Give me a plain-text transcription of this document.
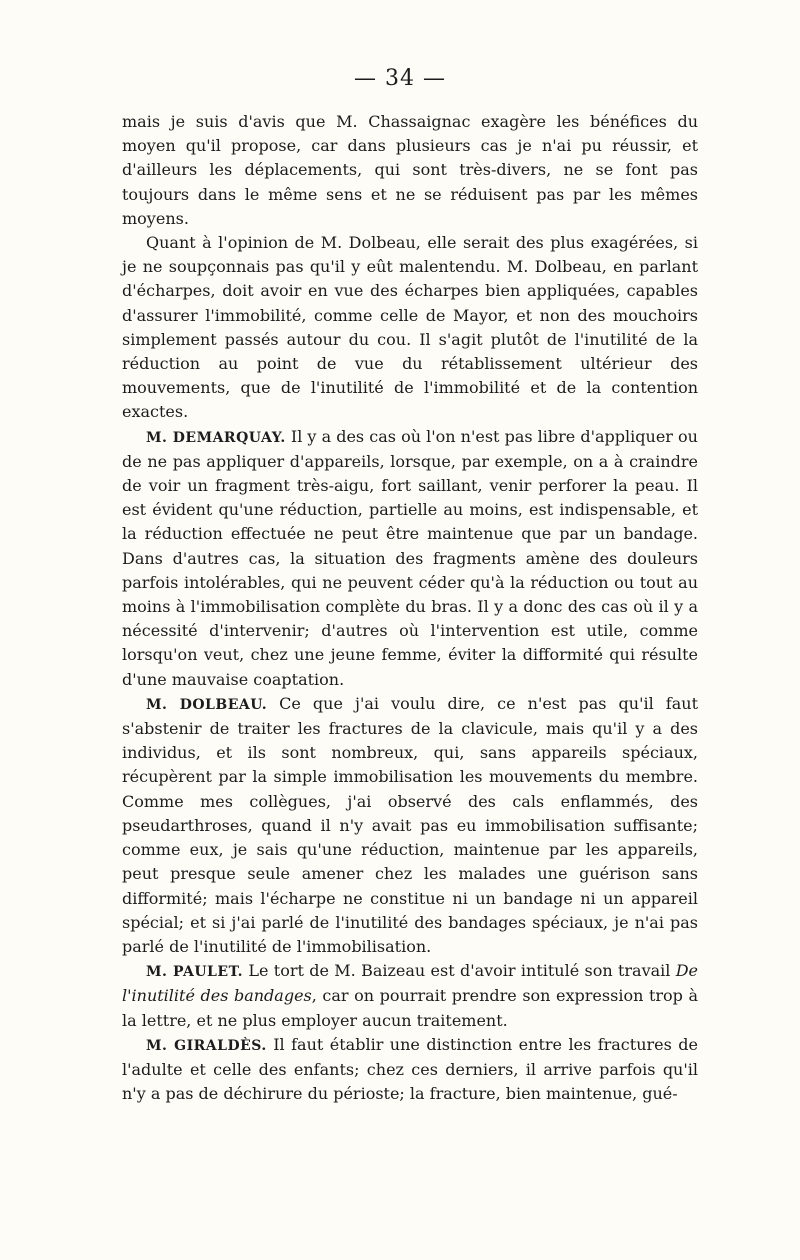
— 34 —

mais je suis d'avis que M. Chassaignac exagère les bénéfices du moyen qu'il propose, car dans plusieurs cas je n'ai pu réussir, et d'ailleurs les déplacements, qui sont très-divers, ne se font pas toujours dans le même sens et ne se réduisent pas par les mêmes moyens.

Quant à l'opinion de M. Dolbeau, elle serait des plus exagérées, si je ne soupçonnais pas qu'il y eût malentendu. M. Dolbeau, en parlant d'écharpes, doit avoir en vue des écharpes bien appliquées, capables d'assurer l'immobilité, comme celle de Mayor, et non des mouchoirs simplement passés autour du cou. Il s'agit plutôt de l'inutilité de la réduction au point de vue du rétablissement ultérieur des mouvements, que de l'inutilité de l'immobilité et de la contention exactes.

M. DEMARQUAY. Il y a des cas où l'on n'est pas libre d'appliquer ou de ne pas appliquer d'appareils, lorsque, par exemple, on a à craindre de voir un fragment très-aigu, fort saillant, venir perforer la peau. Il est évident qu'une réduction, partielle au moins, est indispensable, et la réduction effectuée ne peut être maintenue que par un bandage. Dans d'autres cas, la situation des fragments amène des douleurs parfois intolérables, qui ne peuvent céder qu'à la réduction ou tout au moins à l'immobilisation complète du bras. Il y a donc des cas où il y a nécessité d'intervenir; d'autres où l'intervention est utile, comme lorsqu'on veut, chez une jeune femme, éviter la difformité qui résulte d'une mauvaise coaptation.

M. DOLBEAU. Ce que j'ai voulu dire, ce n'est pas qu'il faut s'abstenir de traiter les fractures de la clavicule, mais qu'il y a des individus, et ils sont nombreux, qui, sans appareils spéciaux, récupèrent par la simple immobilisation les mouvements du membre. Comme mes collègues, j'ai observé des cals enflammés, des pseudarthroses, quand il n'y avait pas eu immobilisation suffisante; comme eux, je sais qu'une réduction, maintenue par les appareils, peut presque seule amener chez les malades une guérison sans difformité; mais l'écharpe ne constitue ni un bandage ni un appareil spécial; et si j'ai parlé de l'inutilité des bandages spéciaux, je n'ai pas parlé de l'inutilité de l'immobilisation.

M. PAULET. Le tort de M. Baizeau est d'avoir intitulé son travail De l'inutilité des bandages, car on pourrait prendre son expression trop à la lettre, et ne plus employer aucun traitement.

M. GIRALDÈS. Il faut établir une distinction entre les fractures de l'adulte et celle des enfants; chez ces derniers, il arrive parfois qu'il n'y a pas de déchirure du périoste; la fracture, bien maintenue, gué-
